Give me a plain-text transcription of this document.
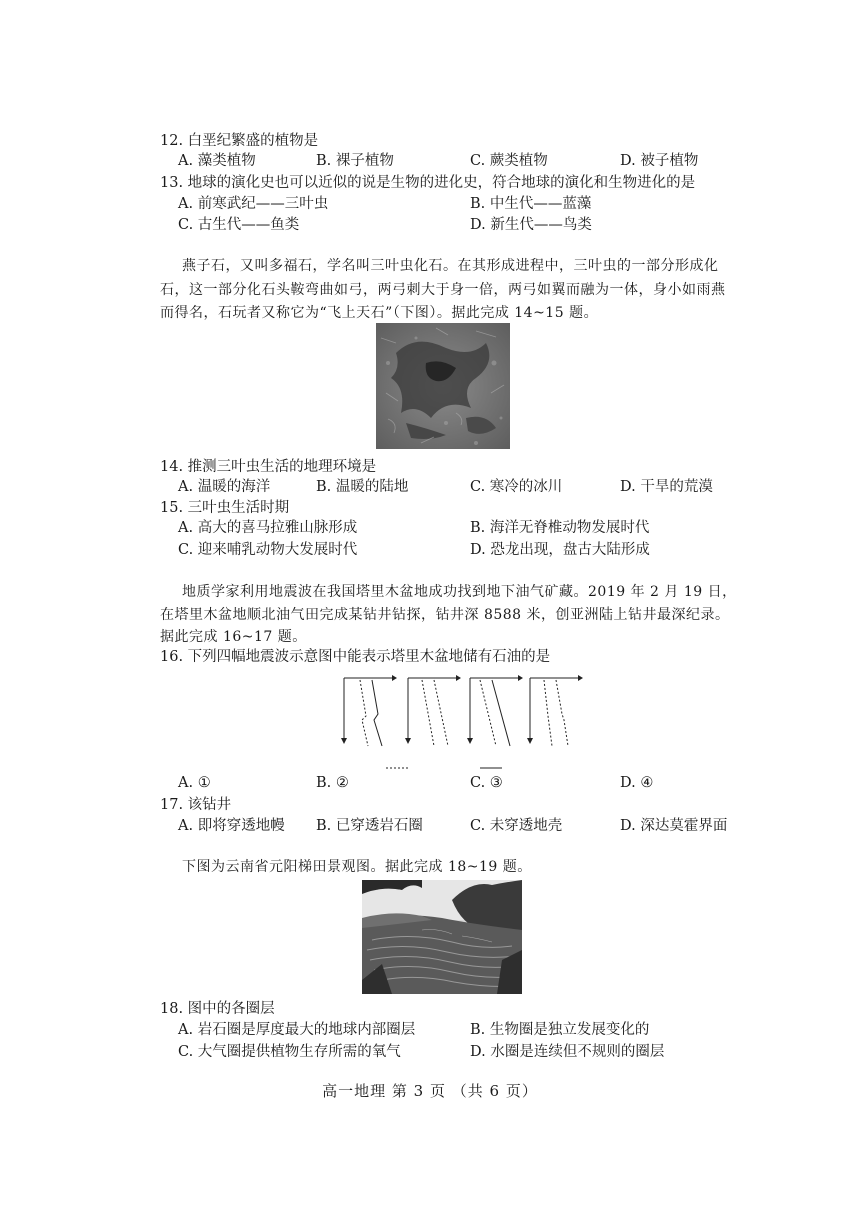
12. 白垩纪繁盛的植物是
A. 藻类植物	B. 裸子植物	C. 蕨类植物	D. 被子植物
13. 地球的演化史也可以近似的说是生物的进化史，符合地球的演化和生物进化的是
A. 前寒武纪——三叶虫	B. 中生代——蓝藻
C. 古生代——鱼类	D. 新生代——鸟类
燕子石，又叫多福石，学名叫三叶虫化石。在其形成进程中，三叶虫的一部分形成化
石，这一部分化石头鞍弯曲如弓，两弓刺大于身一倍，两弓如翼而融为一体，身小如雨燕
而得名，石玩者又称它为“飞上天石”（下图）。据此完成 14~15 题。
14. 推测三叶虫生活的地理环境是
A. 温暖的海洋	B. 温暖的陆地	C. 寒冷的冰川	D. 干旱的荒漠
15. 三叶虫生活时期
A. 高大的喜马拉雅山脉形成	B. 海洋无脊椎动物发展时代
C. 迎来哺乳动物大发展时代	D. 恐龙出现，盘古大陆形成
地质学家利用地震波在我国塔里木盆地成功找到地下油气矿藏。2019 年 2 月 19 日，
在塔里木盆地顺北油气田完成某钻井钻探，钻井深 8588 米，创亚洲陆上钻井最深纪录。
据此完成 16~17 题。
16. 下列四幅地震波示意图中能表示塔里木盆地储有石油的是
A. ①	B. ②	C. ③	D. ④
17. 该钻井
A. 即将穿透地幔 B. 已穿透岩石圈	C. 未穿透地壳	D. 深达莫霍界面
下图为云南省元阳梯田景观图。据此完成 18~19 题。
18. 图中的各圈层
A. 岩石圈是厚度最大的地球内部圈层	B. 生物圈是独立发展变化的
C. 大气圈提供植物生存所需的氧气	D. 水圈是连续但不规则的圈层
高一地理 第 3 页 （共 6 页）
